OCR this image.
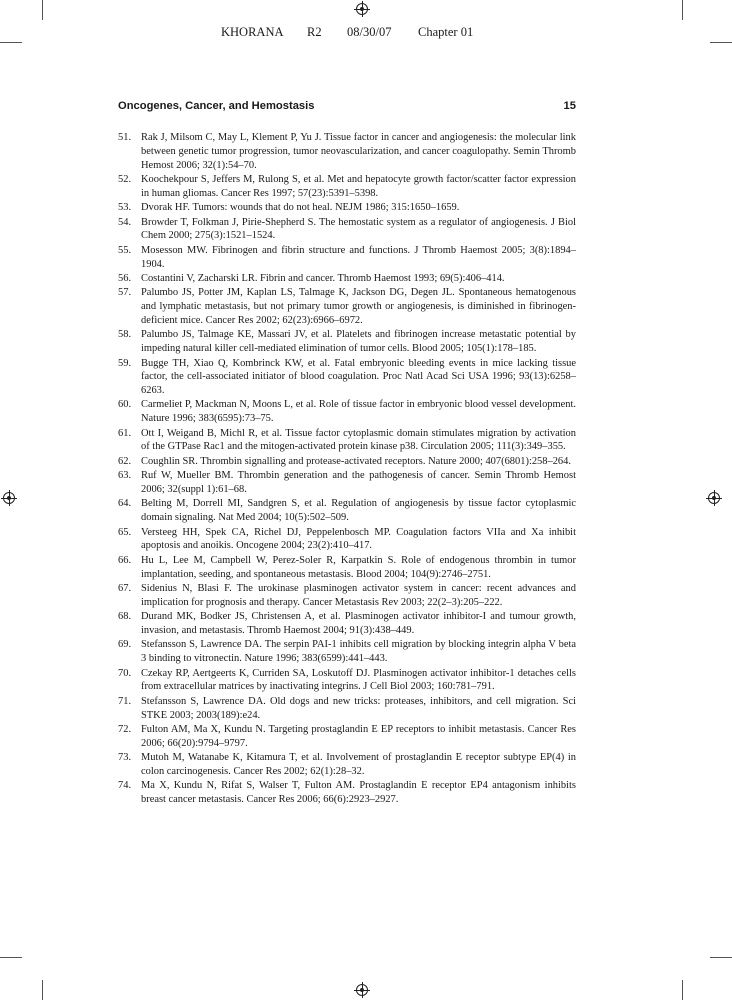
KHORANA R2 08/30/07 Chapter 01
Oncogenes, Cancer, and Hemostasis	15
51. Rak J, Milsom C, May L, Klement P, Yu J. Tissue factor in cancer and angiogenesis: the molecular link between genetic tumor progression, tumor neovascularization, and cancer coagulopathy. Semin Thromb Hemost 2006; 32(1):54–70.
52. Koochekpour S, Jeffers M, Rulong S, et al. Met and hepatocyte growth factor/scatter factor expression in human gliomas. Cancer Res 1997; 57(23):5391–5398.
53. Dvorak HF. Tumors: wounds that do not heal. NEJM 1986; 315:1650–1659.
54. Browder T, Folkman J, Pirie-Shepherd S. The hemostatic system as a regulator of angiogenesis. J Biol Chem 2000; 275(3):1521–1524.
55. Mosesson MW. Fibrinogen and fibrin structure and functions. J Thromb Haemost 2005; 3(8):1894–1904.
56. Costantini V, Zacharski LR. Fibrin and cancer. Thromb Haemost 1993; 69(5):406–414.
57. Palumbo JS, Potter JM, Kaplan LS, Talmage K, Jackson DG, Degen JL. Spontaneous hematogenous and lymphatic metastasis, but not primary tumor growth or angiogenesis, is diminished in fibrinogen-deficient mice. Cancer Res 2002; 62(23):6966–6972.
58. Palumbo JS, Talmage KE, Massari JV, et al. Platelets and fibrinogen increase metastatic potential by impeding natural killer cell-mediated elimination of tumor cells. Blood 2005; 105(1):178–185.
59. Bugge TH, Xiao Q, Kombrinck KW, et al. Fatal embryonic bleeding events in mice lacking tissue factor, the cell-associated initiator of blood coagulation. Proc Natl Acad Sci USA 1996; 93(13):6258–6263.
60. Carmeliet P, Mackman N, Moons L, et al. Role of tissue factor in embryonic blood vessel development. Nature 1996; 383(6595):73–75.
61. Ott I, Weigand B, Michl R, et al. Tissue factor cytoplasmic domain stimulates migration by activation of the GTPase Rac1 and the mitogen-activated protein kinase p38. Circulation 2005; 111(3):349–355.
62. Coughlin SR. Thrombin signalling and protease-activated receptors. Nature 2000; 407(6801):258–264.
63. Ruf W, Mueller BM. Thrombin generation and the pathogenesis of cancer. Semin Thromb Hemost 2006; 32(suppl 1):61–68.
64. Belting M, Dorrell MI, Sandgren S, et al. Regulation of angiogenesis by tissue factor cytoplasmic domain signaling. Nat Med 2004; 10(5):502–509.
65. Versteeg HH, Spek CA, Richel DJ, Peppelenbosch MP. Coagulation factors VIIa and Xa inhibit apoptosis and anoikis. Oncogene 2004; 23(2):410–417.
66. Hu L, Lee M, Campbell W, Perez-Soler R, Karpatkin S. Role of endogenous thrombin in tumor implantation, seeding, and spontaneous metastasis. Blood 2004; 104(9):2746–2751.
67. Sidenius N, Blasi F. The urokinase plasminogen activator system in cancer: recent advances and implication for prognosis and therapy. Cancer Metastasis Rev 2003; 22(2–3):205–222.
68. Durand MK, Bodker JS, Christensen A, et al. Plasminogen activator inhibitor-I and tumour growth, invasion, and metastasis. Thromb Haemost 2004; 91(3):438–449.
69. Stefansson S, Lawrence DA. The serpin PAI-1 inhibits cell migration by blocking integrin alpha V beta 3 binding to vitronectin. Nature 1996; 383(6599):441–443.
70. Czekay RP, Aertgeerts K, Curriden SA, Loskutoff DJ. Plasminogen activator inhibitor-1 detaches cells from extracellular matrices by inactivating integrins. J Cell Biol 2003; 160:781–791.
71. Stefansson S, Lawrence DA. Old dogs and new tricks: proteases, inhibitors, and cell migration. Sci STKE 2003; 2003(189):e24.
72. Fulton AM, Ma X, Kundu N. Targeting prostaglandin E EP receptors to inhibit metastasis. Cancer Res 2006; 66(20):9794–9797.
73. Mutoh M, Watanabe K, Kitamura T, et al. Involvement of prostaglandin E receptor subtype EP(4) in colon carcinogenesis. Cancer Res 2002; 62(1):28–32.
74. Ma X, Kundu N, Rifat S, Walser T, Fulton AM. Prostaglandin E receptor EP4 antagonism inhibits breast cancer metastasis. Cancer Res 2006; 66(6):2923–2927.
